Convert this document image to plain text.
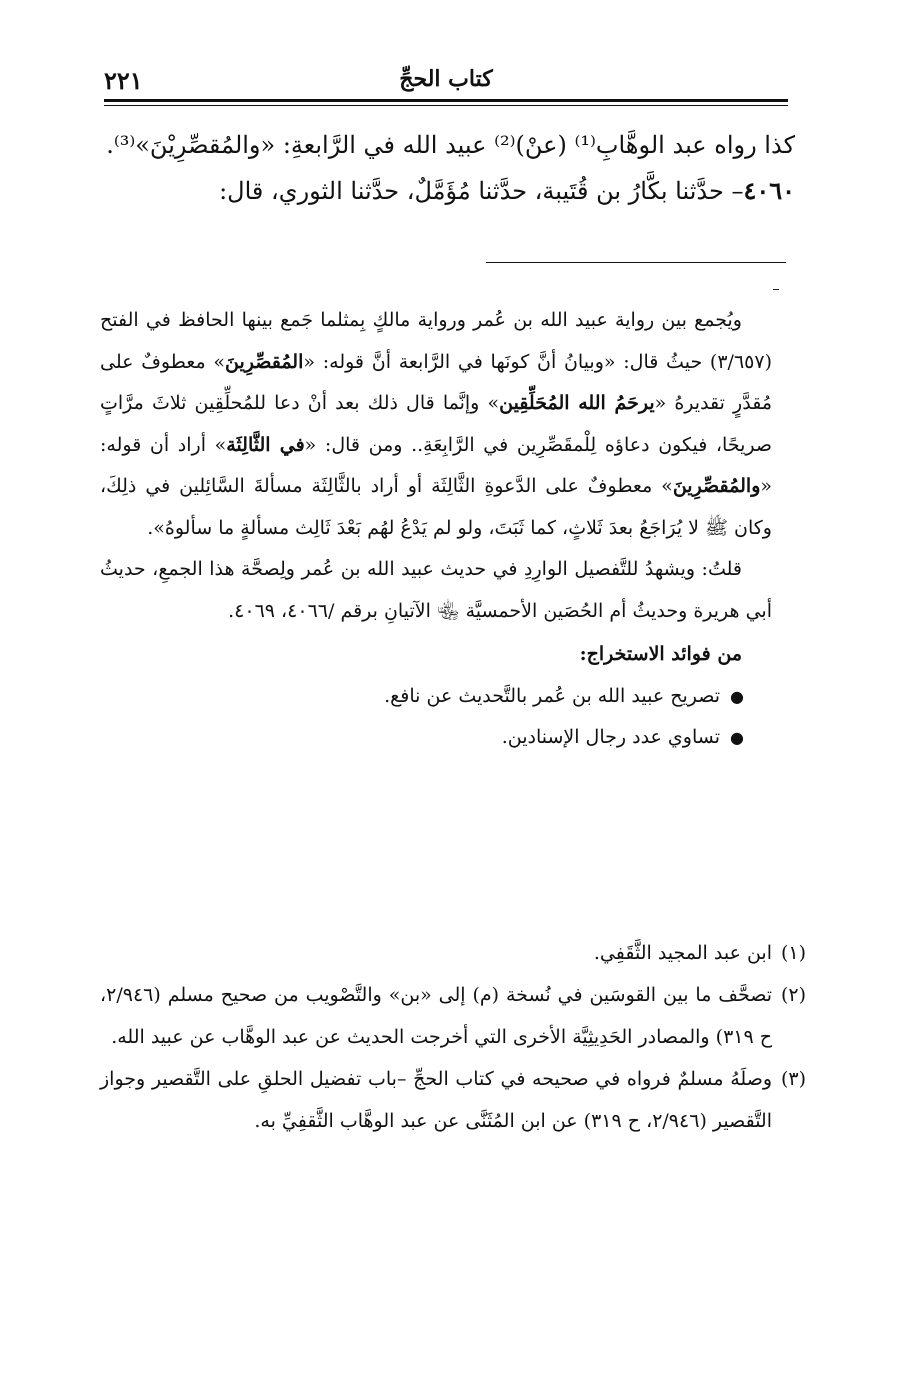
٢٢١	كتاب الحجِّ

كذا رواه عبد الوهَّابِ⁽¹⁾ (عنْ)⁽²⁾ عبيد الله في الرَّابعةِ: «والمُقصِّرِيْنَ»⁽³⁾.

٤٠٦٠– حدَّثنا بكَّارُ بن قُتَيبة، حدَّثنا مُؤَمَّلٌ، حدَّثنا الثوري، قال:

ويُجمع بين رواية عبيد الله بن عُمر ورواية مالكٍ بِمثلما جَمع بينها الحافظ في الفتح (٣/٦٥٧) حيثُ قال: «وبيانُ أنَّ كونَها في الرَّابعة أنَّ قوله: «المُقصِّرِينَ» معطوفٌ على مُقدَّرٍ تقديرهُ «يرحَمُ الله المُحَلِّقِين» وإنَّما قال ذلك بعد أنْ دعا للمُحلِّقِين ثلاثَ مرَّاتٍ صريحًا، فيكون دعاؤه لِلْمقَصِّرِين في الرَّابِعَةِ.. ومن قال: «في الثَّالِثَة» أراد أن قوله: «والمُقصِّرِينَ» معطوفٌ على الدَّعوةِ الثَّالِثَة أو أراد بالثَّالِثَة مسألةَ السَّائِلين في ذلِكَ، وكان ﷺ لا يُرَاجَعُ بعدَ ثَلاثٍ، كما ثَبَتَ، ولو لم يَدْعُ لهُم بَعْدَ ثَالِث مسألةٍ ما سألوهُ».

قلتُ: ويشهدُ للتَّفصيل الوارِدِ في حديث عبيد الله بن عُمر ولِصحَّة هذا الجمعِ، حديثُ أبي هريرة وحديثُ أم الحُصَين الأحمسيَّة ﵄ الآتيانِ برقم /٤٠٦٦، ٤٠٦٩.

من فوائد الاستخراج:

●
تصريح عبيد الله بن عُمر بالتَّحديث عن نافع.
●
تساوي عدد رجال الإسنادين.

(١)ابن عبد المجيد الثَّقَفِي.

(٢)تصحَّف ما بين القوسَين في نُسخة (م) إلى «بن» والتَّصْويب من صحيح مسلم (٢/٩٤٦، ح ٣١٩) والمصادر الحَدِيثِيَّة الأخرى التي أخرجت الحديث عن عبد الوهَّاب عن عبيد الله.

(٣)وصلَهُ مسلمٌ فرواه في صحيحه في كتاب الحجِّ –باب تفضيل الحلقِ على التَّقصير وجواز التَّقصير (٢/٩٤٦، ح ٣١٩) عن ابن المُثَنَّى عن عبد الوهَّاب الثَّقفِيِّ به.
